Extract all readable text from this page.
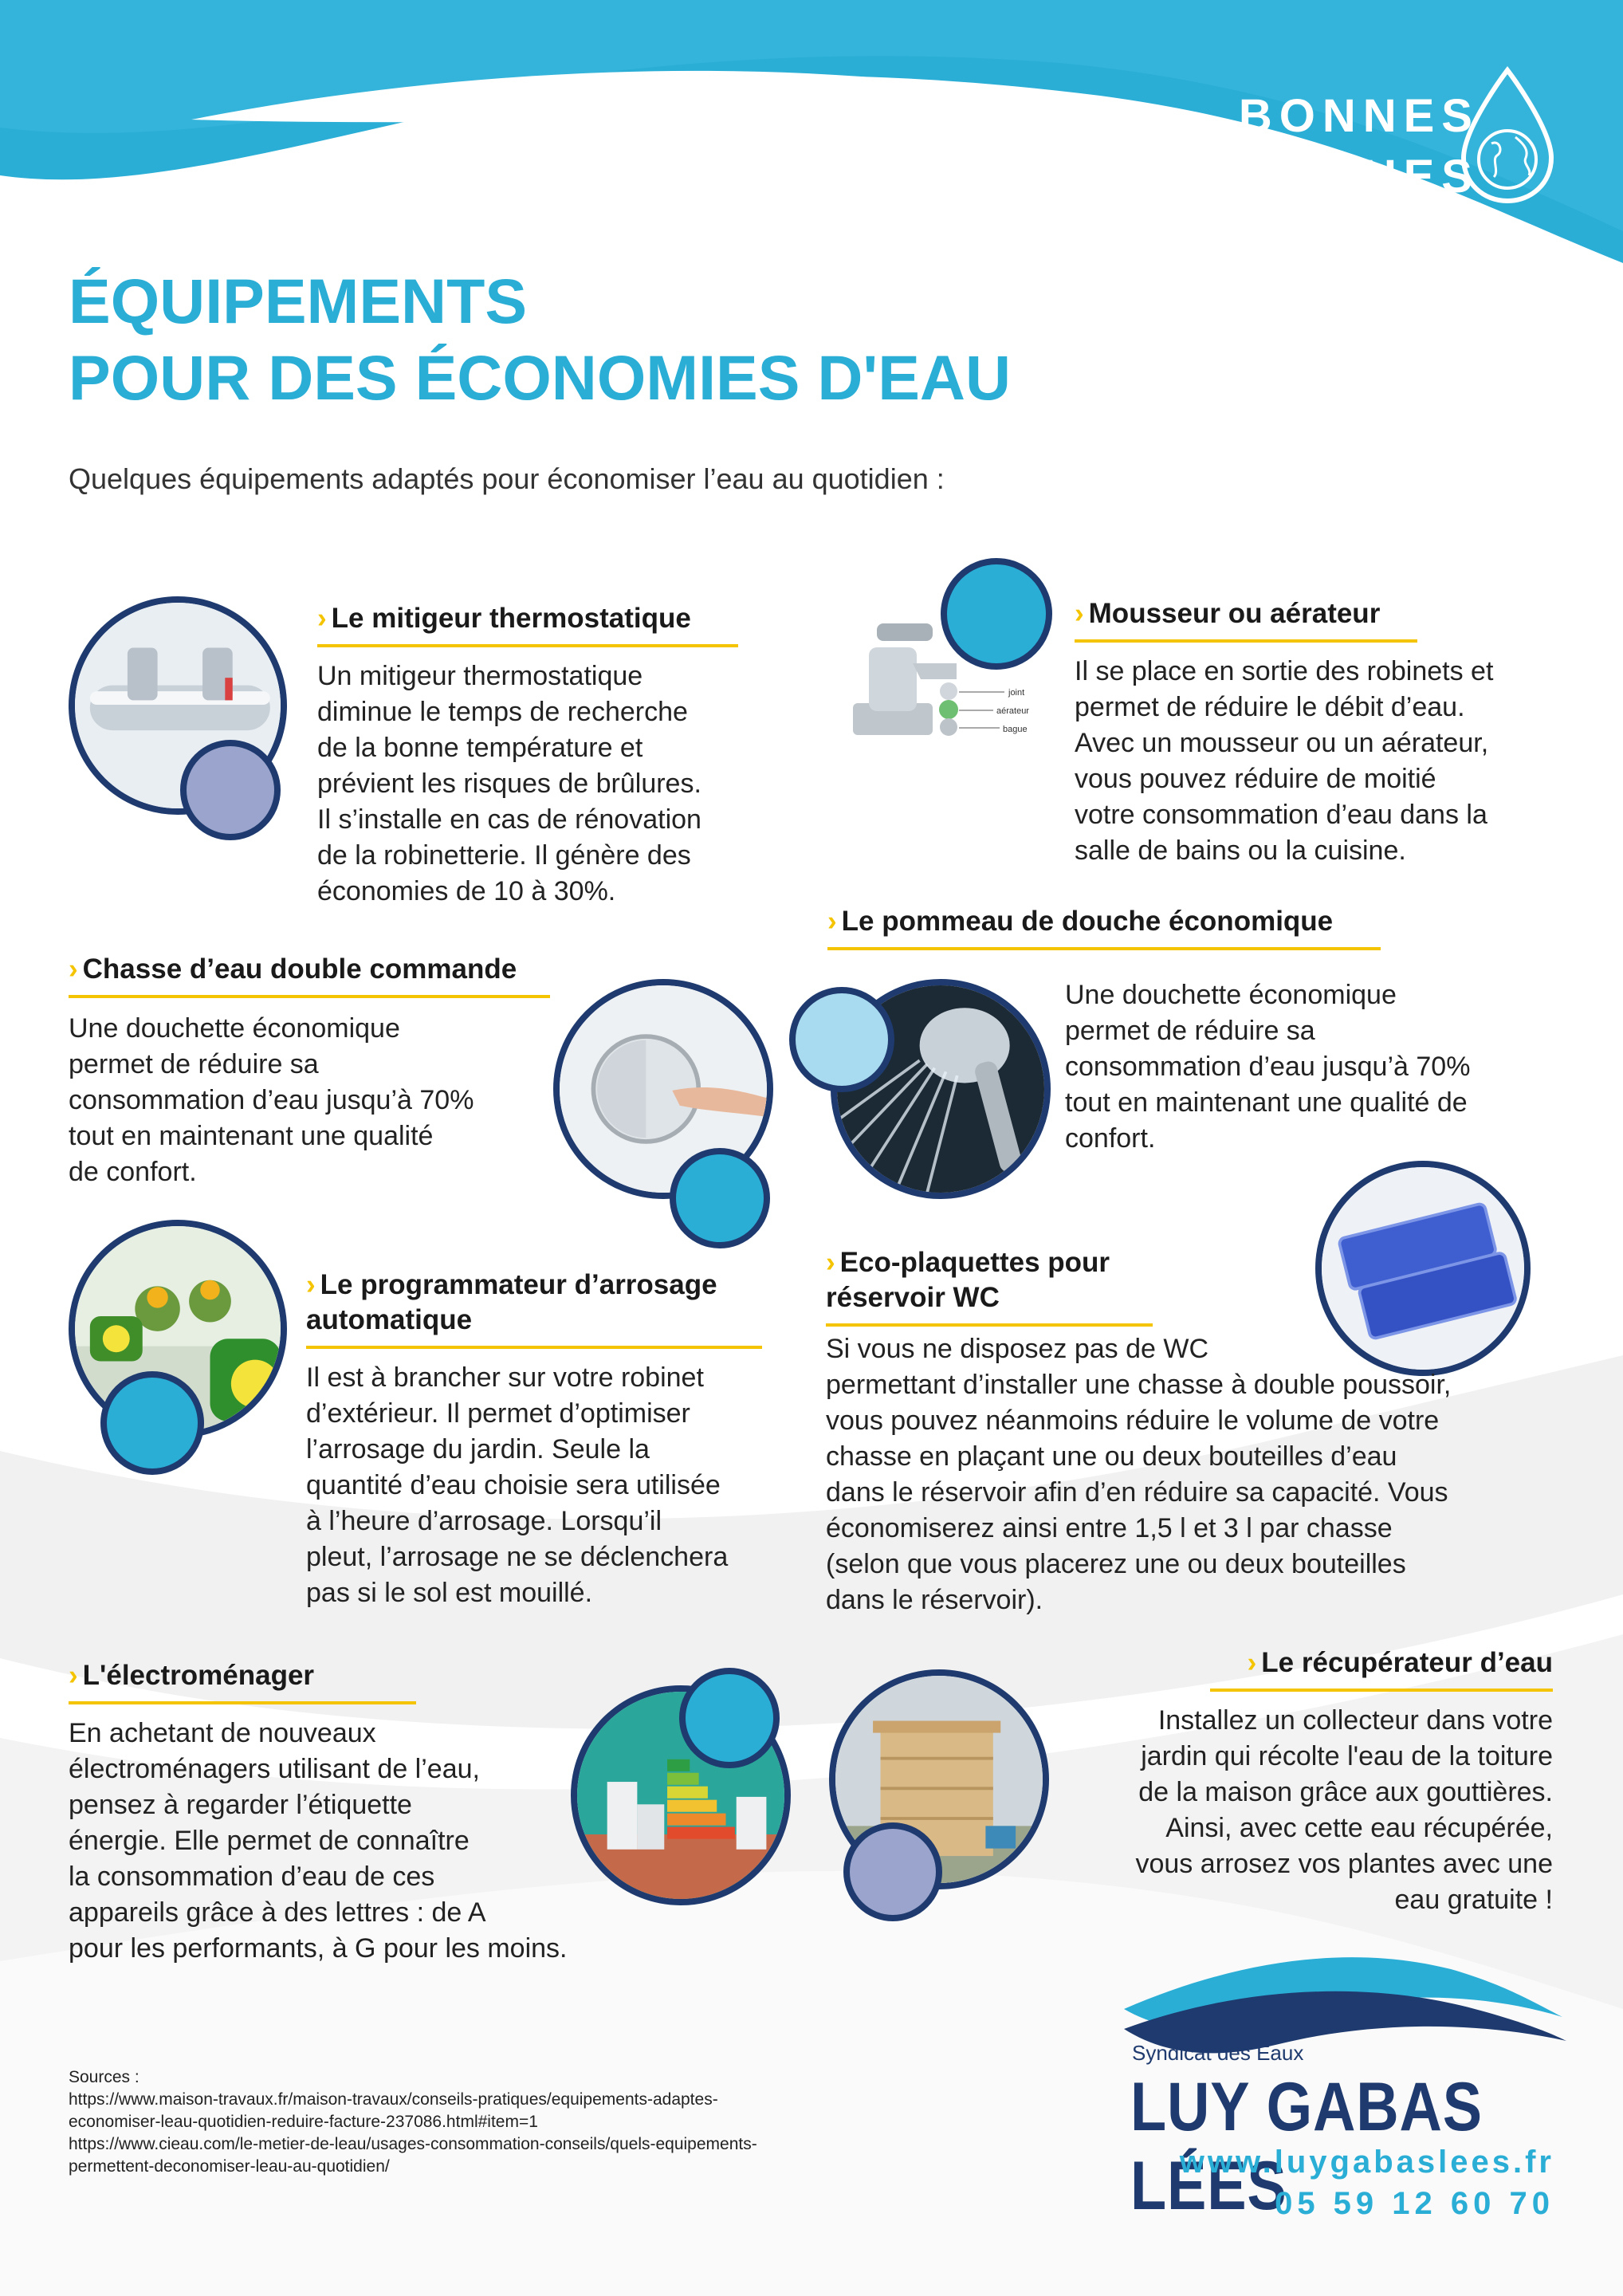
BONNES
PRATIQUES
ÉQUIPEMENTS
POUR DES ÉCONOMIES D'EAU
Quelques équipements adaptés pour économiser l’eau au quotidien :
› Le mitigeur thermostatique
Un mitigeur thermostatique
diminue le temps de recherche
de la bonne température et
prévient les risques de brûlures.
Il s’installe en cas de rénovation
de la robinetterie. Il génère des
économies de 10 à 30%.
joint
aérateur
bague
› Mousseur ou aérateur
Il se place en sortie des robinets et
permet de réduire le débit d’eau.
Avec un mousseur ou un aérateur,
vous pouvez réduire de moitié
votre consommation d’eau dans la
salle de bains ou la cuisine.
› Le pommeau de douche économique
Une douchette économique
permet de réduire sa
consommation d’eau jusqu’à 70%
tout en maintenant une qualité de
confort.
› Chasse d’eau double commande
Une douchette économique
permet de réduire sa
consommation d’eau jusqu’à 70%
tout en maintenant une qualité
de confort.
› Eco-plaquettes pour
réservoir WC
Si vous ne disposez pas de WC
permettant d’installer une chasse à double poussoir,
vous pouvez néanmoins réduire le volume de votre
chasse en plaçant une ou deux bouteilles d’eau
dans le réservoir afin d’en réduire sa capacité. Vous
économiserez ainsi entre 1,5 l et 3 l par chasse
(selon que vous placerez une ou deux bouteilles
dans le réservoir).
› Le programmateur d’arrosage
automatique
Il est à brancher sur votre robinet
d’extérieur. Il permet d’optimiser
l’arrosage du jardin. Seule la
quantité d’eau choisie sera utilisée
à l’heure d’arrosage. Lorsqu’il
pleut, l’arrosage ne se déclenchera
pas si le sol est mouillé.
› L'électroménager
En achetant de nouveaux
électroménagers utilisant de l’eau,
pensez à regarder l’étiquette
énergie. Elle permet de connaître
la consommation d’eau de ces
appareils grâce à des lettres : de A
pour les performants, à G pour les moins.
› Le récupérateur d’eau
Installez un collecteur dans votre
jardin qui récolte l'eau de la toiture
de la maison grâce aux gouttières.
Ainsi, avec cette eau récupérée,
vous arrosez vos plantes avec une
eau gratuite !
Sources :
https://www.maison-travaux.fr/maison-travaux/conseils-pratiques/equipements-adaptes-
economiser-leau-quotidien-reduire-facture-237086.html#item=1
https://www.cieau.com/le-metier-de-leau/usages-consommation-conseils/quels-equipements-
permettent-deconomiser-leau-au-quotidien/
Syndicat des Eaux
LUY GABAS LÉES
www.luygabaslees.fr
05 59 12 60 70
